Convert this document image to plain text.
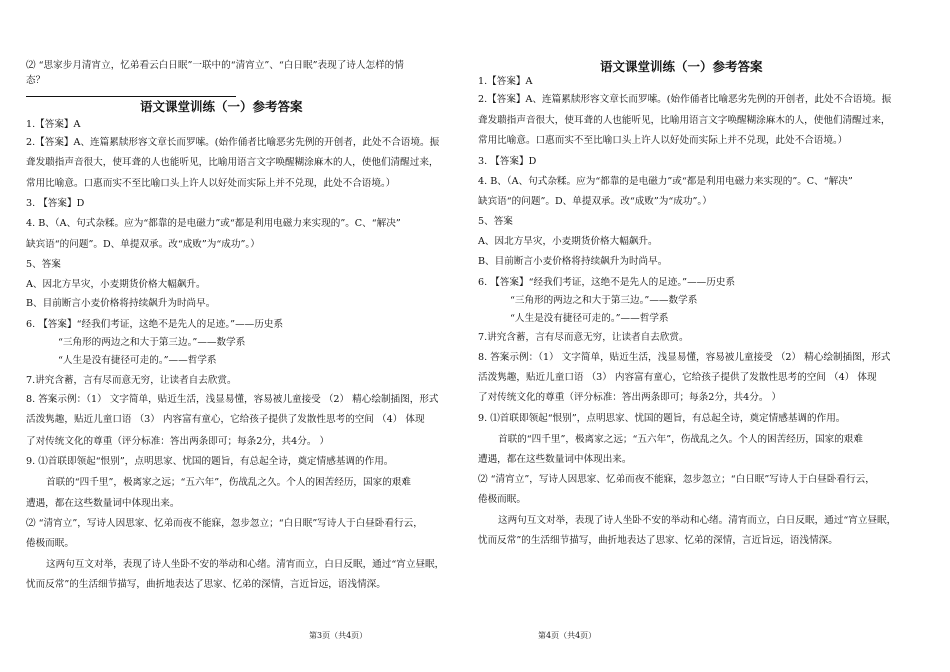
⑵ “思家步月清宵立，忆弟看云白日眠”一联中的“清宵立”、“白日眠”表现了诗人怎样的情
态？
语文课堂训练（一）参考答案
1.【答案】A
2.【答案】A、连篇累牍形容文章长而罗嗦。(始作俑者比喻恶劣先例的开创者，此处不合语境。振
聋发聩指声音很大，使耳聋的人也能听见，比喻用语言文字唤醒糊涂麻木的人，使他们清醒过来，
常用比喻意。口惠而实不至比喻口头上许人以好处而实际上并不兑现，此处不合语境。）
3. 【答案】D
4. B、（A、句式杂糅。应为“都靠的是电磁力”或“都是利用电磁力来实现的”。C、“解决”
缺宾语“的问题”。D、单提双承。改“成败”为“成功”。）
5、答案
A、因北方旱灾，小麦期货价格大幅飙升。
B、目前断言小麦价格将持续飙升为时尚早。
6. 【答案】“经我们考证，这绝不是先人的足迹。”——历史系
“三角形的两边之和大于第三边。”——数学系
“人生是没有捷径可走的。”——哲学系
7.讲究含蓄，言有尽而意无穷，让读者自去欣赏。
8. 答案示例：（1） 文字简单，贴近生活，浅显易懂，容易被儿童接受 （2） 精心绘制插图，形式
活泼隽趣，贴近儿童口语 （3） 内容富有童心，它给孩子提供了发散性思考的空间 （4） 体现
了对传统文化的尊重（评分标准：答出两条即可；每条2分，共4分。 ）
9. ⑴首联即领起“恨别”，点明思家、忧国的题旨，有总起全诗，奠定情感基调的作用。
首联的“四千里”，极离家之远；“五六年”，伤战乱之久。个人的困苦经历，国家的艰难
遭遇，都在这些数量词中体现出来。
⑵ “清宵立”，写诗人因思家、忆弟而夜不能寐，忽步忽立；“白日眠”写诗人于白昼卧看行云，
倦极而眠。
这两句互文对举，表现了诗人坐卧不安的举动和心绪。清宵而立，白日反眠，通过“宵立昼眠，
忧而反常”的生活细节描写，曲折地表达了思家、忆弟的深情，言近旨远，语浅情深。
第3页（共4页）
语文课堂训练（一）参考答案
1.【答案】A
2.【答案】A、连篇累牍形容文章长而罗嗦。(始作俑者比喻恶劣先例的开创者，此处不合语境。振
聋发聩指声音很大，使耳聋的人也能听见，比喻用语言文字唤醒糊涂麻木的人，使他们清醒过来，
常用比喻意。口惠而实不至比喻口头上许人以好处而实际上并不兑现，此处不合语境。）
3. 【答案】D
4. B、（A、句式杂糅。应为“都靠的是电磁力”或“都是利用电磁力来实现的”。C、“解决”
缺宾语“的问题”。D、单提双承。改“成败”为“成功”。）
5、答案
A、因北方旱灾，小麦期货价格大幅飙升。
B、目前断言小麦价格将持续飙升为时尚早。
6. 【答案】“经我们考证，这绝不是先人的足迹。”——历史系
“三角形的两边之和大于第三边。”——数学系
“人生是没有捷径可走的。”——哲学系
7.讲究含蓄，言有尽而意无穷，让读者自去欣赏。
8. 答案示例：（1） 文字简单，贴近生活，浅显易懂，容易被儿童接受 （2） 精心绘制插图，形式
活泼隽趣，贴近儿童口语 （3） 内容富有童心，它给孩子提供了发散性思考的空间 （4） 体现
了对传统文化的尊重（评分标准：答出两条即可；每条2分，共4分。 ）
9. ⑴首联即领起“恨别”，点明思家、忧国的题旨，有总起全诗，奠定情感基调的作用。
首联的“四千里”，极离家之远；“五六年”，伤战乱之久。个人的困苦经历，国家的艰难
遭遇，都在这些数量词中体现出来。
⑵ “清宵立”，写诗人因思家、忆弟而夜不能寐，忽步忽立；“白日眠”写诗人于白昼卧看行云，
倦极而眠。
这两句互文对举，表现了诗人坐卧不安的举动和心绪。清宵而立，白日反眠，通过“宵立昼眠，
忧而反常”的生活细节描写，曲折地表达了思家、忆弟的深情，言近旨远，语浅情深。
第4页（共4页）
